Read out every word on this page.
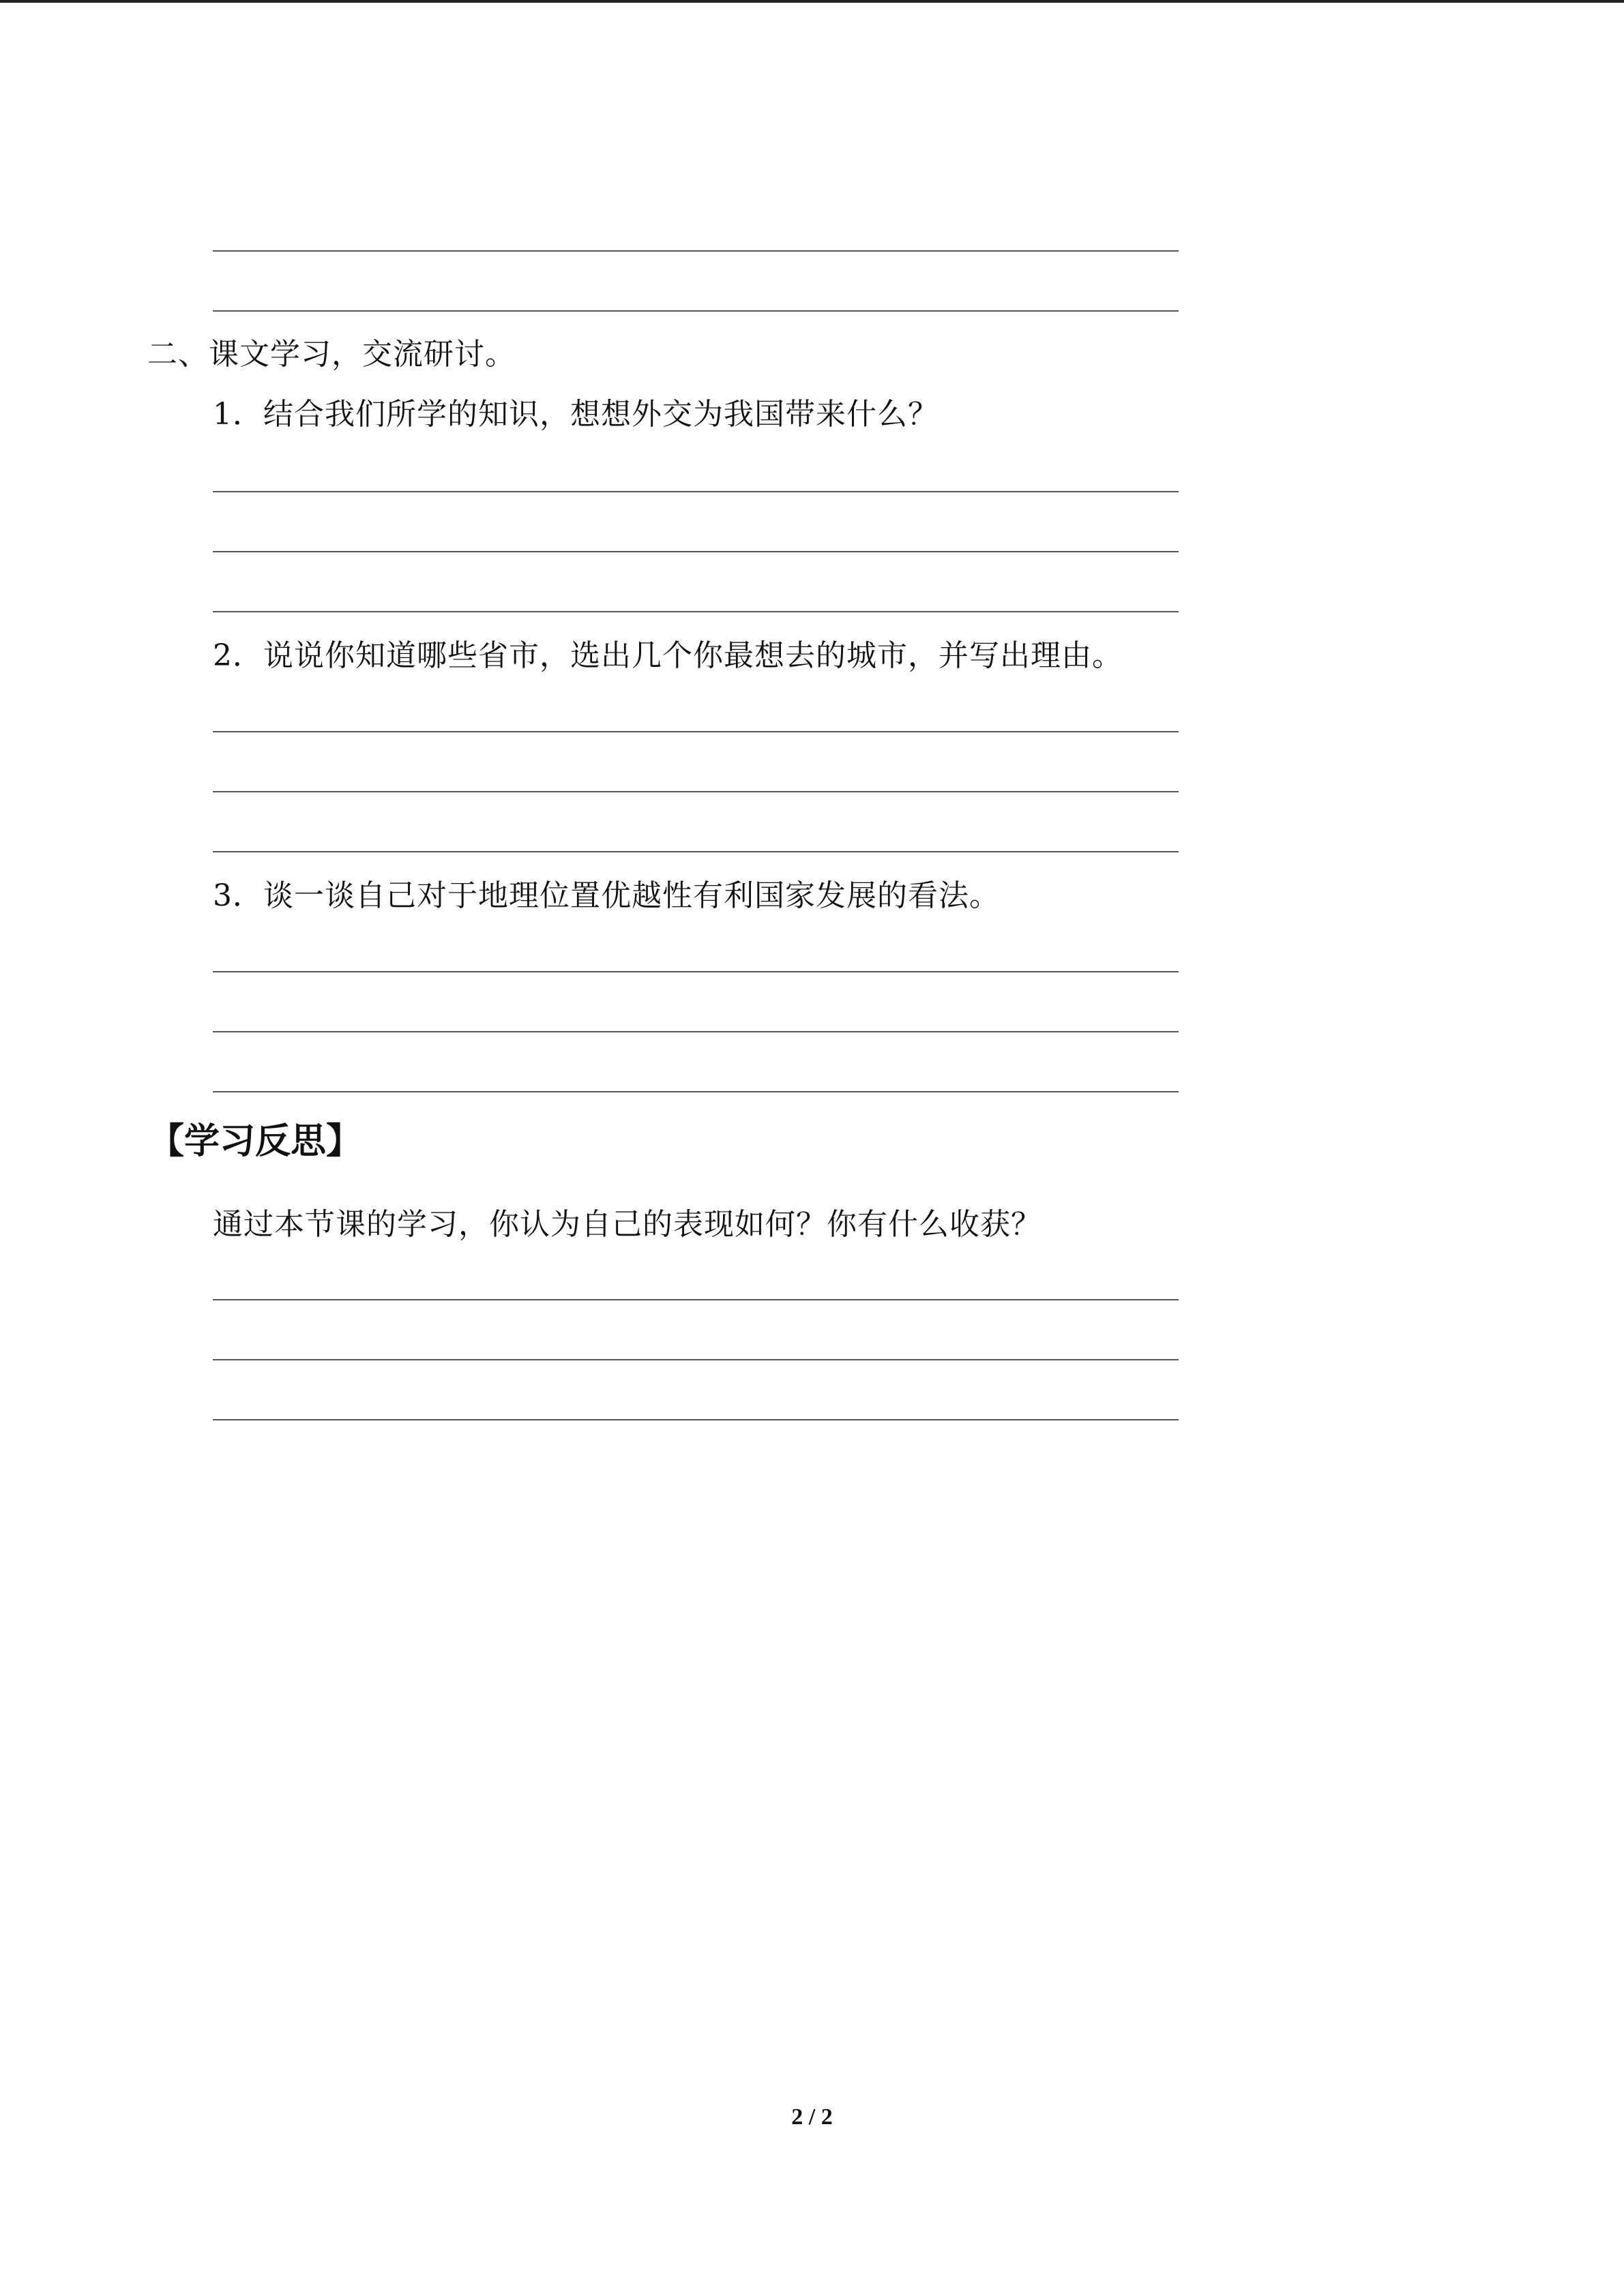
二、课文学习，交流研讨。
1．结合我们所学的知识，想想外交为我国带来什么？
2．说说你知道哪些省市，选出几个你最想去的城市，并写出理由。
3．谈一谈自己对于地理位置优越性有利国家发展的看法。
【学习反思】
通过本节课的学习，你认为自己的表现如何？你有什么收获？
2 / 2
